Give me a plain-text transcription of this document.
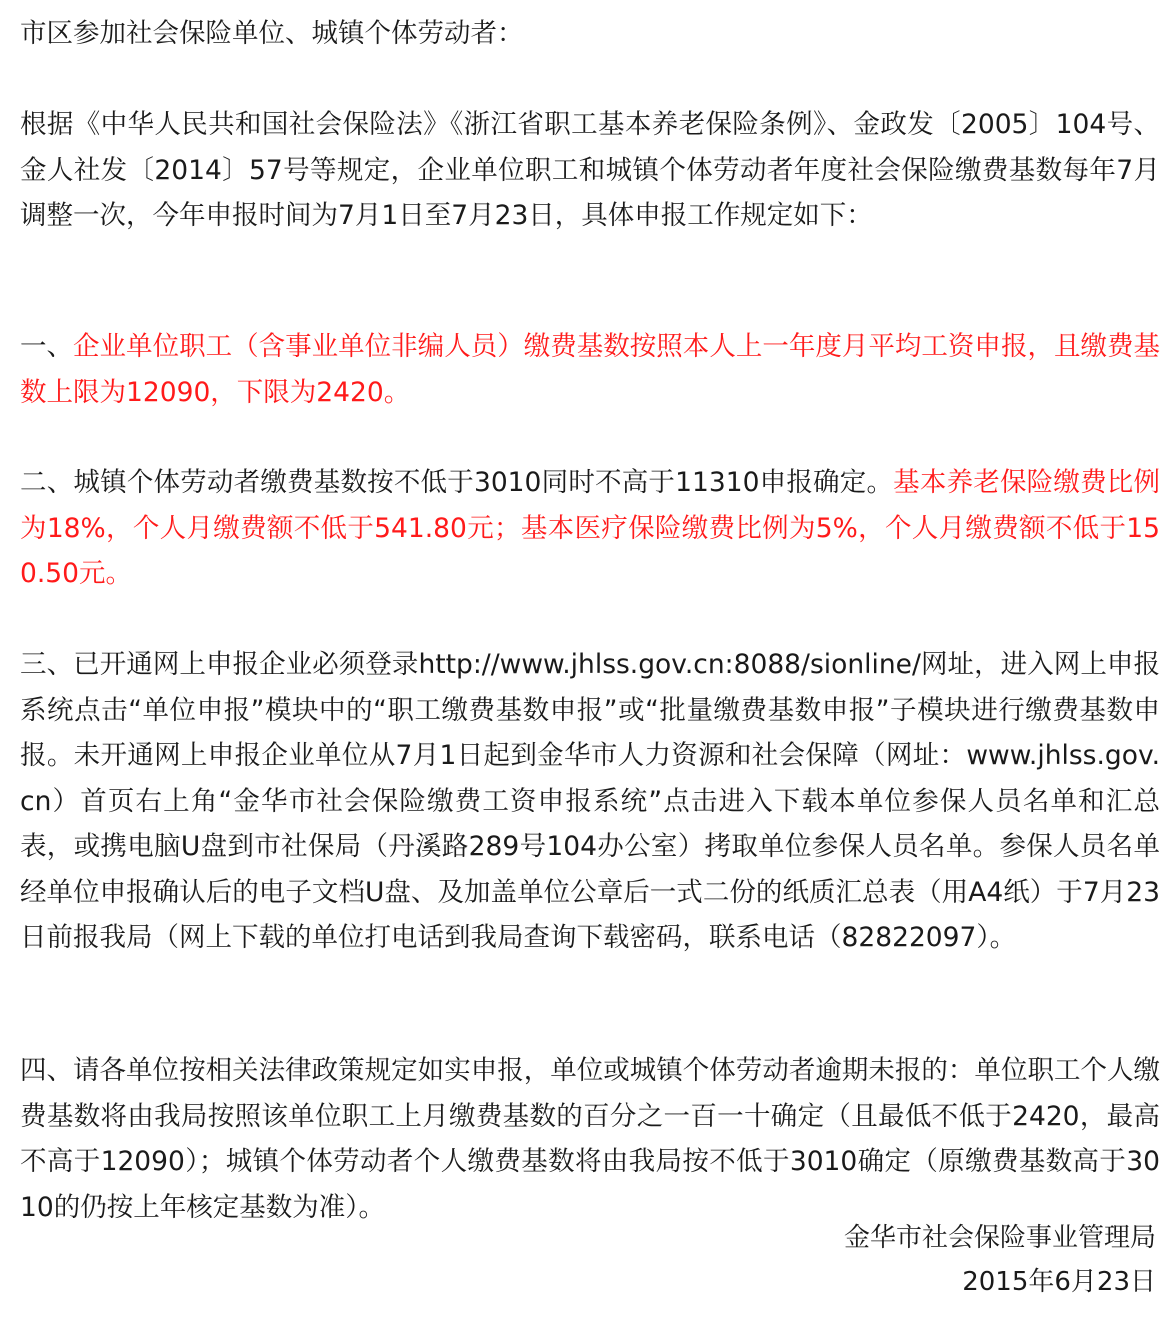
市区参加社会保险单位、城镇个体劳动者：

根据《中华人民共和国社会保险法》《浙江省职工基本养老保险条例》、金政发〔2005〕104号、金人社发〔2014〕57号等规定，企业单位职工和城镇个体劳动者年度社会保险缴费基数每年7月调整一次，今年申报时间为7月1日至7月23日，具体申报工作规定如下：

一、企业单位职工（含事业单位非编人员）缴费基数按照本人上一年度月平均工资申报，且缴费基数上限为12090，下限为2420。

二、城镇个体劳动者缴费基数按不低于3010同时不高于11310申报确定。基本养老保险缴费比例为18%，个人月缴费额不低于541.80元；基本医疗保险缴费比例为5%，个人月缴费额不低于150.50元。

三、已开通网上申报企业必须登录http://www.jhlss.gov.cn:8088/sionline/网址，进入网上申报系统点击“单位申报”模块中的“职工缴费基数申报”或“批量缴费基数申报”子模块进行缴费基数申报。未开通网上申报企业单位从7月1日起到金华市人力资源和社会保障（网址：www.jhlss.gov.cn）首页右上角“金华市社会保险缴费工资申报系统”点击进入下载本单位参保人员名单和汇总表，或携电脑U盘到市社保局（丹溪路289号104办公室）拷取单位参保人员名单。参保人员名单经单位申报确认后的电子文档U盘、及加盖单位公章后一式二份的纸质汇总表（用A4纸）于7月23日前报我局（网上下载的单位打电话到我局查询下载密码，联系电话（82822097）。

四、请各单位按相关法律政策规定如实申报，单位或城镇个体劳动者逾期未报的：单位职工个人缴费基数将由我局按照该单位职工上月缴费基数的百分之一百一十确定（且最低不低于2420，最高不高于12090）；城镇个体劳动者个人缴费基数将由我局按不低于3010确定（原缴费基数高于3010的仍按上年核定基数为准）。

金华市社会保险事业管理局

2015年6月23日
